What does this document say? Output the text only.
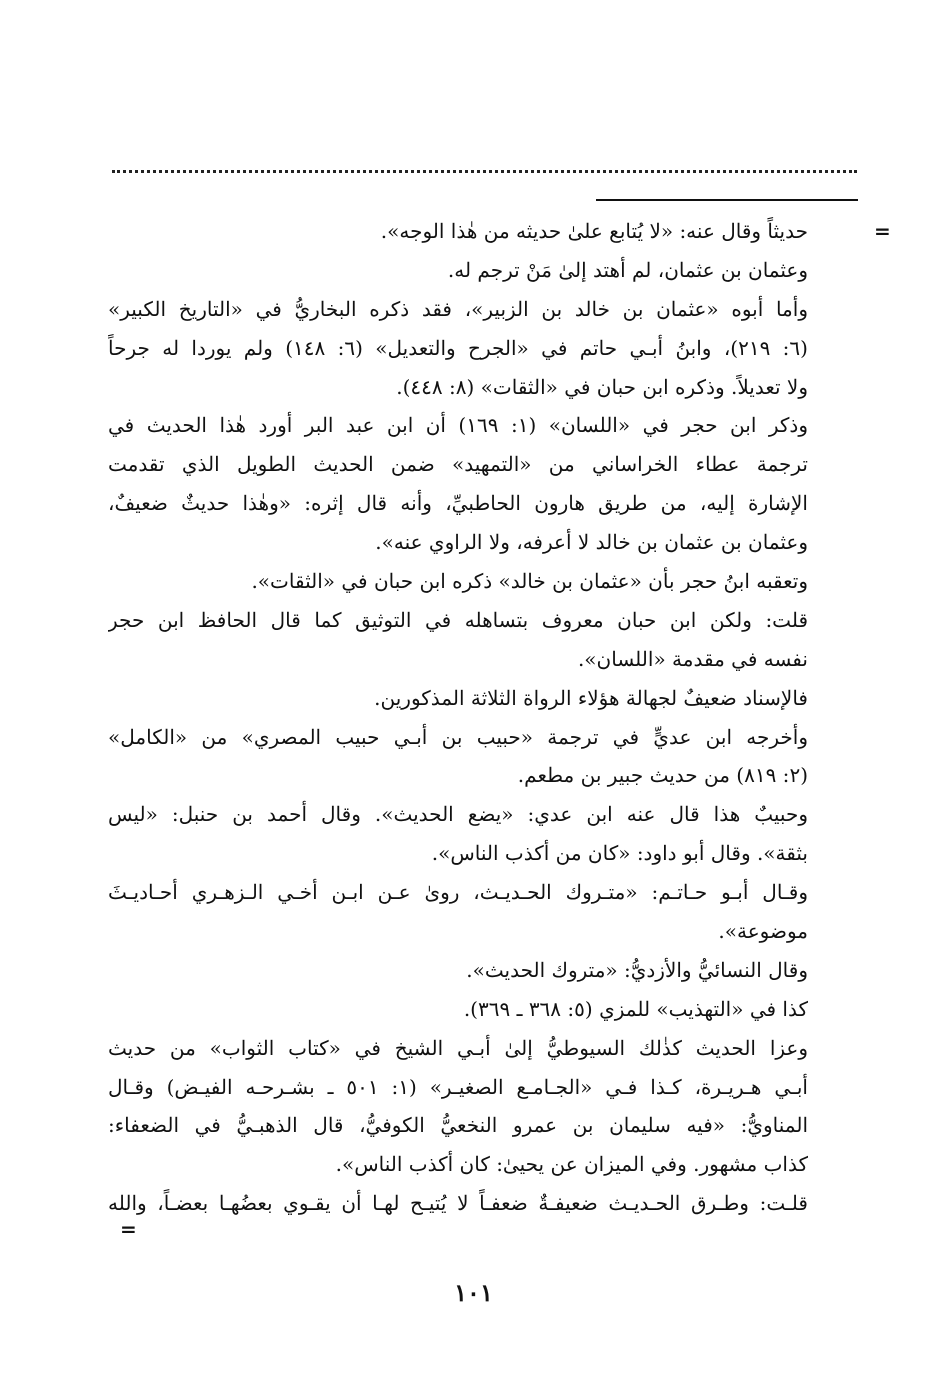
=
حديثاً وقال عنه: «لا يُتابع علىٰ حديثه من هٰذا الوجه».
وعثمان بن عثمان، لم أهتد إلىٰ مَنْ ترجم له.
وأما أبوه «عثمان بن خالد بن الزبير»، فقد ذكره البخاريُّ في «التاريخ الكبير»
(٦: ٢١٩)، وابنُ أبـي حاتم في «الجرح والتعديل» (٦: ١٤٨) ولم يوردا له جرحاً
ولا تعديلاً. وذكره ابن حبان في «الثقات» (٨: ٤٤٨).
وذكر ابن حجر في «اللسان» (١: ١٦٩) أن ابن عبد البر أورد هٰذا الحديث في
ترجمة عطاء الخراساني من «التمهيد» ضمن الحديث الطويل الذي تقدمت
الإشارة إليه، من طريق هارون الحاطبيِّ، وأنه قال إثره: «وهٰذا حديثٌ ضعيفٌ،
وعثمان بن عثمان بن خالد لا أعرفه، ولا الراوي عنه».
وتعقبه ابنُ حجر بأن «عثمان بن خالد» ذكره ابن حبان في «الثقات».
قلت: ولكن ابن حبان معروف بتساهله في التوثيق كما قال الحافظ ابن حجر
نفسه في مقدمة «اللسان».
فالإسناد ضعيفٌ لجهالة هؤلاء الرواة الثلاثة المذكورين.
وأخرجه ابن عديٍّ في ترجمة «حبيب بن أبـي حبيب المصري» من «الكامل»
(٢: ٨١٩) من حديث جبير بن مطعم.
وحبيبٌ هذا قال عنه ابن عدي: «يضع الحديث». وقال أحمد بن حنبل: «ليس
بثقة». وقال أبو داود: «كان من أكذب الناس».
وقـال أبـو حـاتـم: «متـروك الحـديـث، روىٰ عـن ابـن أخـي الـزهـري أحـاديـثَ
موضوعة».
وقال النسائيُّ والأزديُّ: «متروك الحديث».
كذا في «التهذيب» للمزي (٥: ٣٦٨ ـ ٣٦٩).
وعزا الحديث كذٰلك السيوطيُّ إلىٰ أبـي الشيخ في «كتاب الثواب» من حديث
أبـي هـريـرة، كـذا فـي «الجـامـع الصغيـر» (١: ٥٠١ ـ بشـرحـه الفيـض) وقـال
المناويُّ: «فيه سليمان بن عمرو النخعيُّ الكوفيُّ، قال الذهبـيُّ في الضعفاء:
كذاب مشهور. وفي الميزان عن يحيىٰ: كان أكذب الناس».
قلـت: وطـرق الحـديـث ضعيفـةٌ ضعفـاً لا يُتيـح لهـا أن يقـوي بعضُهـا بعضـاً، والله
=
١٠١
